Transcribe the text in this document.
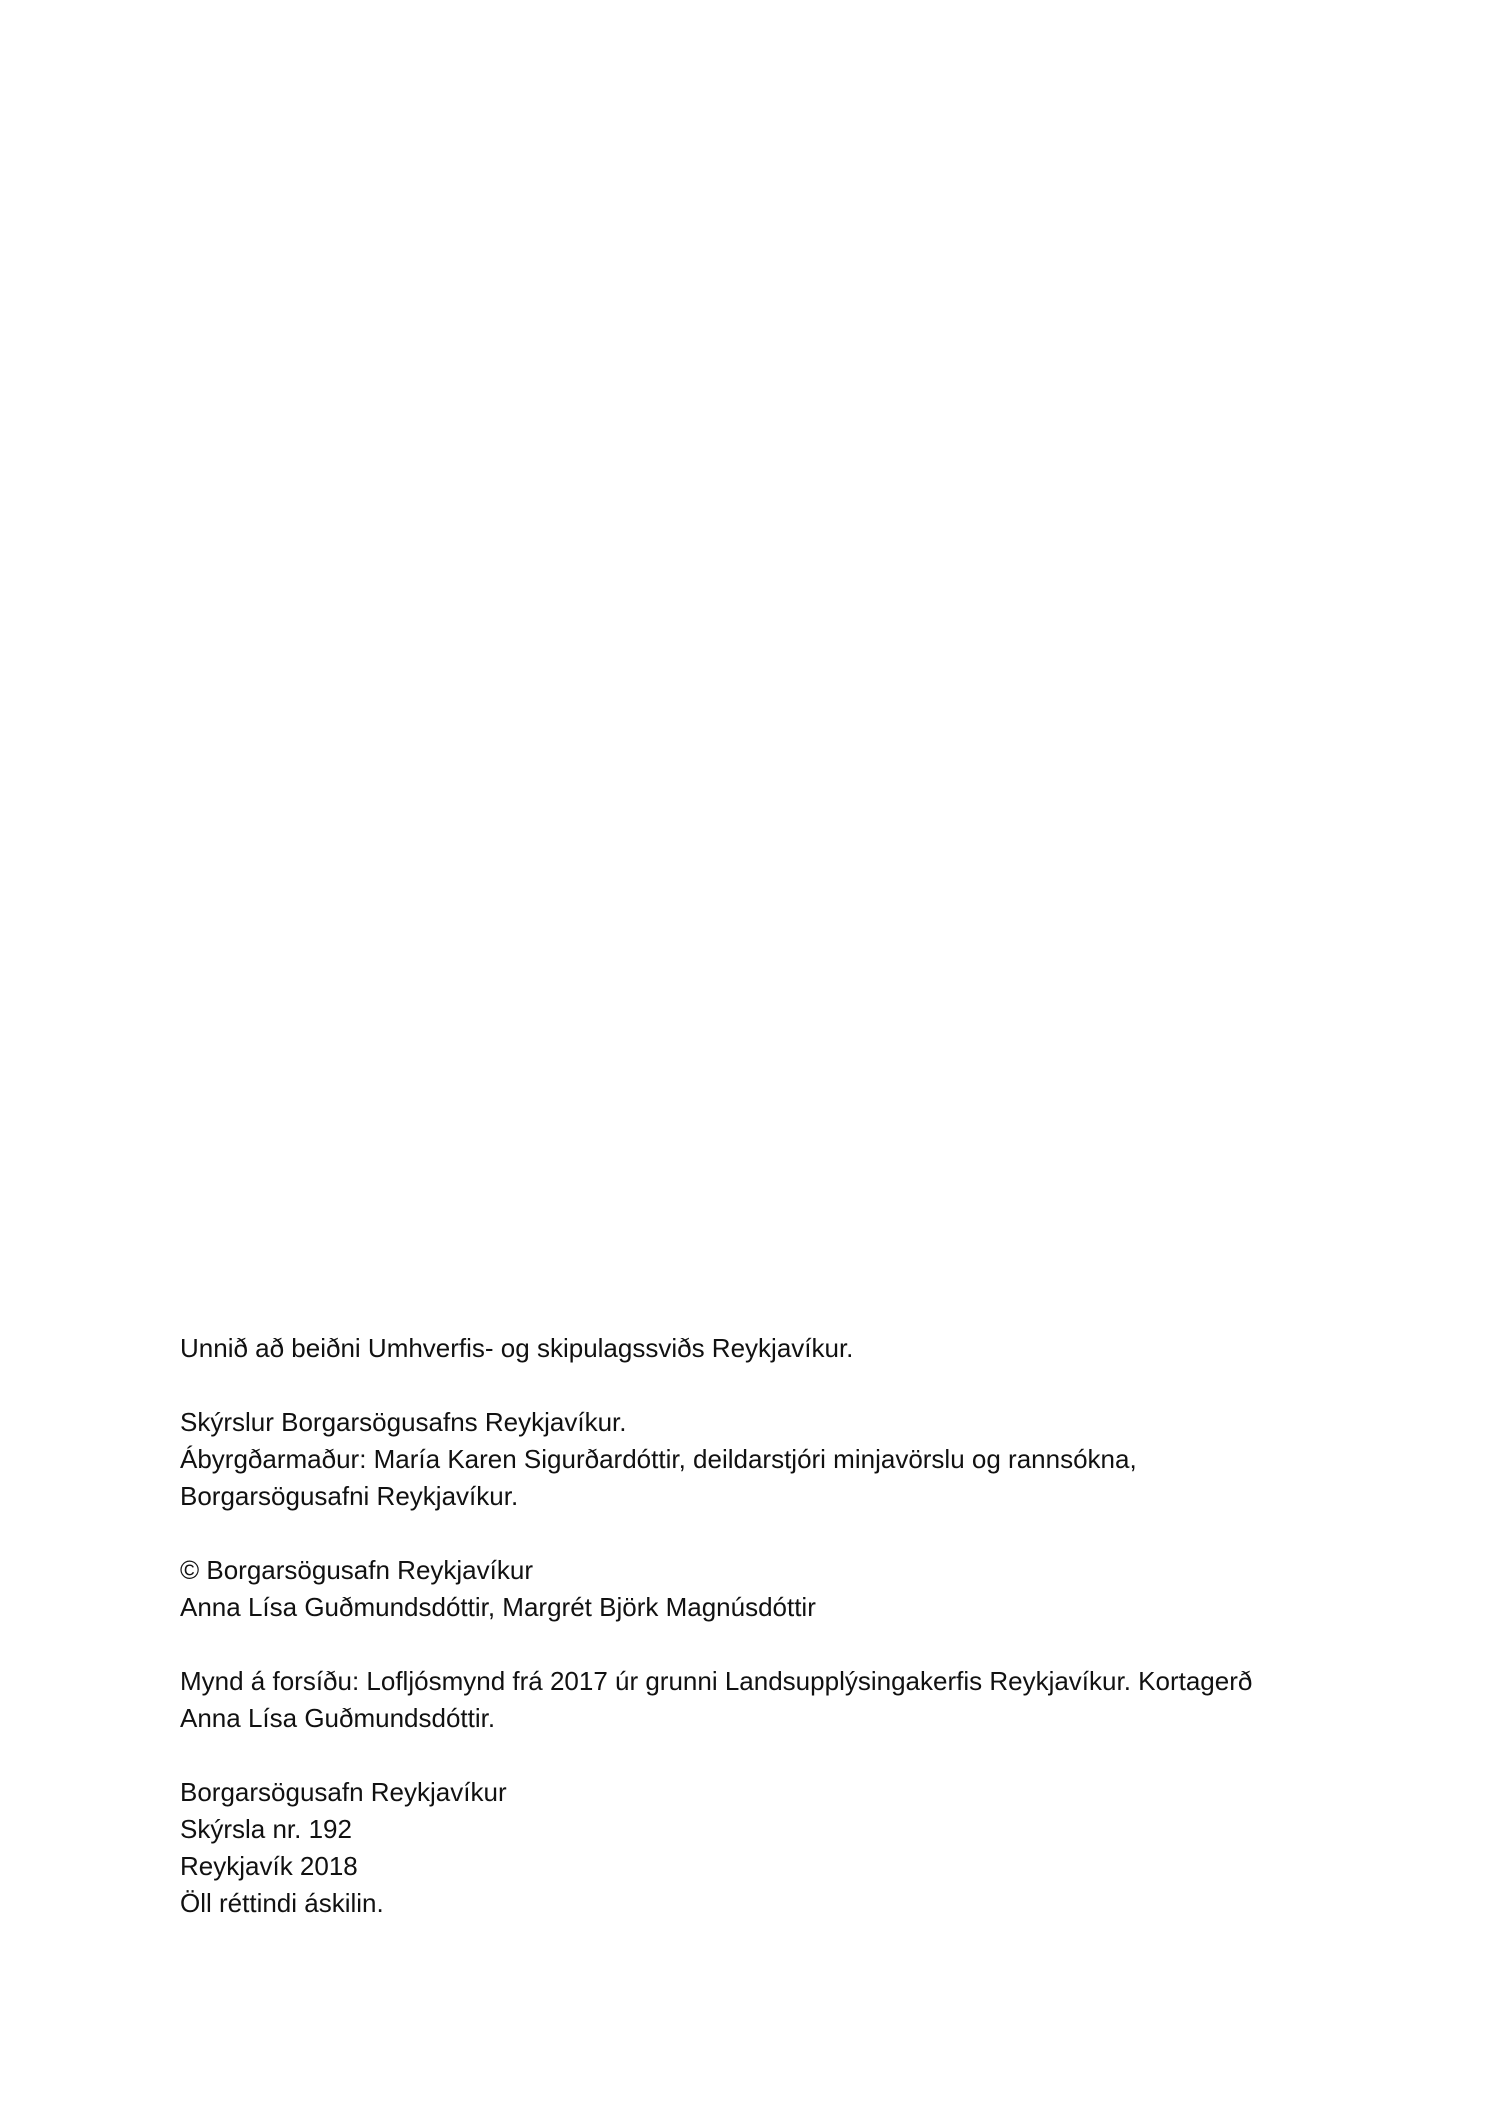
Unnið að beiðni Umhverfis- og skipulagssviðs Reykjavíkur.
Skýrslur Borgarsögusafns Reykjavíkur.
Ábyrgðarmaður: María Karen Sigurðardóttir, deildarstjóri minjavörslu og rannsókna,
Borgarsögusafni Reykjavíkur.
© Borgarsögusafn Reykjavíkur
Anna Lísa Guðmundsdóttir, Margrét Björk Magnúsdóttir
Mynd á forsíðu: Lofljósmynd frá 2017 úr grunni Landsupplýsingakerfis Reykjavíkur. Kortagerð
Anna Lísa Guðmundsdóttir.
Borgarsögusafn Reykjavíkur
Skýrsla nr. 192
Reykjavík 2018
Öll réttindi áskilin.
